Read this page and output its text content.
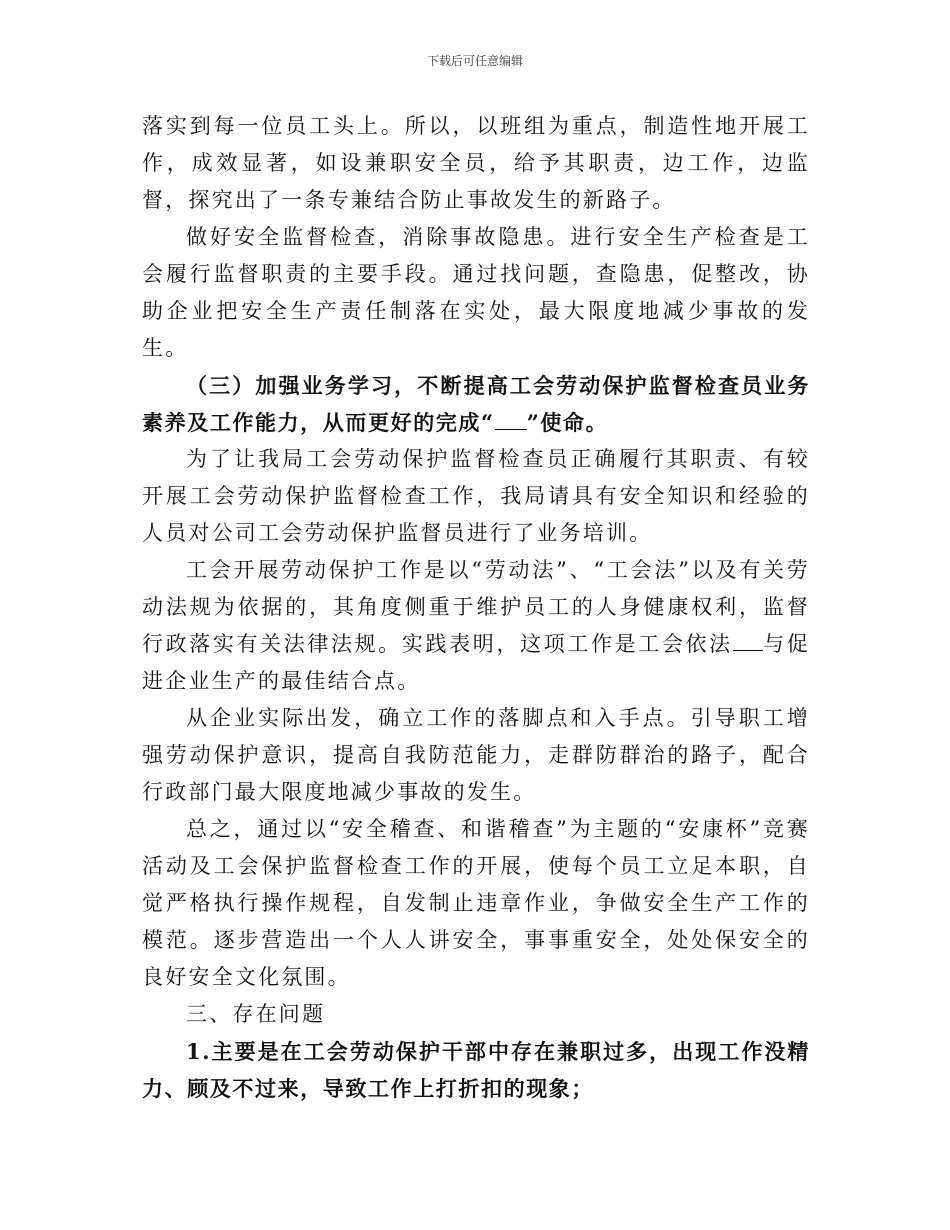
下载后可任意编辑

落实到每一位员工头上。所以，以班组为重点，制造性地开展工作，成效显著，如设兼职安全员，给予其职责，边工作，边监督，探究出了一条专兼结合防止事故发生的新路子。

做好安全监督检查，消除事故隐患。进行安全生产检查是工会履行监督职责的主要手段。通过找问题，查隐患，促整改，协助企业把安全生产责任制落在实处，最大限度地减少事故的发生。

（三）加强业务学习，不断提高工会劳动保护监督检查员业务素养及工作能力，从而更好的完成“ ”使命。

为了让我局工会劳动保护监督检查员正确履行其职责、有较开展工会劳动保护监督检查工作，我局请具有安全知识和经验的人员对公司工会劳动保护监督员进行了业务培训。

工会开展劳动保护工作是以“劳动法”、“工会法”以及有关劳动法规为依据的，其角度侧重于维护员工的人身健康权利，监督行政落实有关法律法规。实践表明，这项工作是工会依法 与促进企业生产的最佳结合点。

从企业实际出发，确立工作的落脚点和入手点。引导职工增强劳动保护意识，提高自我防范能力，走群防群治的路子，配合行政部门最大限度地减少事故的发生。

总之，通过以“安全稽查、和谐稽查”为主题的“安康杯”竞赛活动及工会保护监督检查工作的开展，使每个员工立足本职，自觉严格执行操作规程，自发制止违章作业，争做安全生产工作的模范。逐步营造出一个人人讲安全，事事重安全，处处保安全的良好安全文化氛围。

三、存在问题

1.主要是在工会劳动保护干部中存在兼职过多，出现工作没精力、顾及不过来，导致工作上打折扣的现象；
